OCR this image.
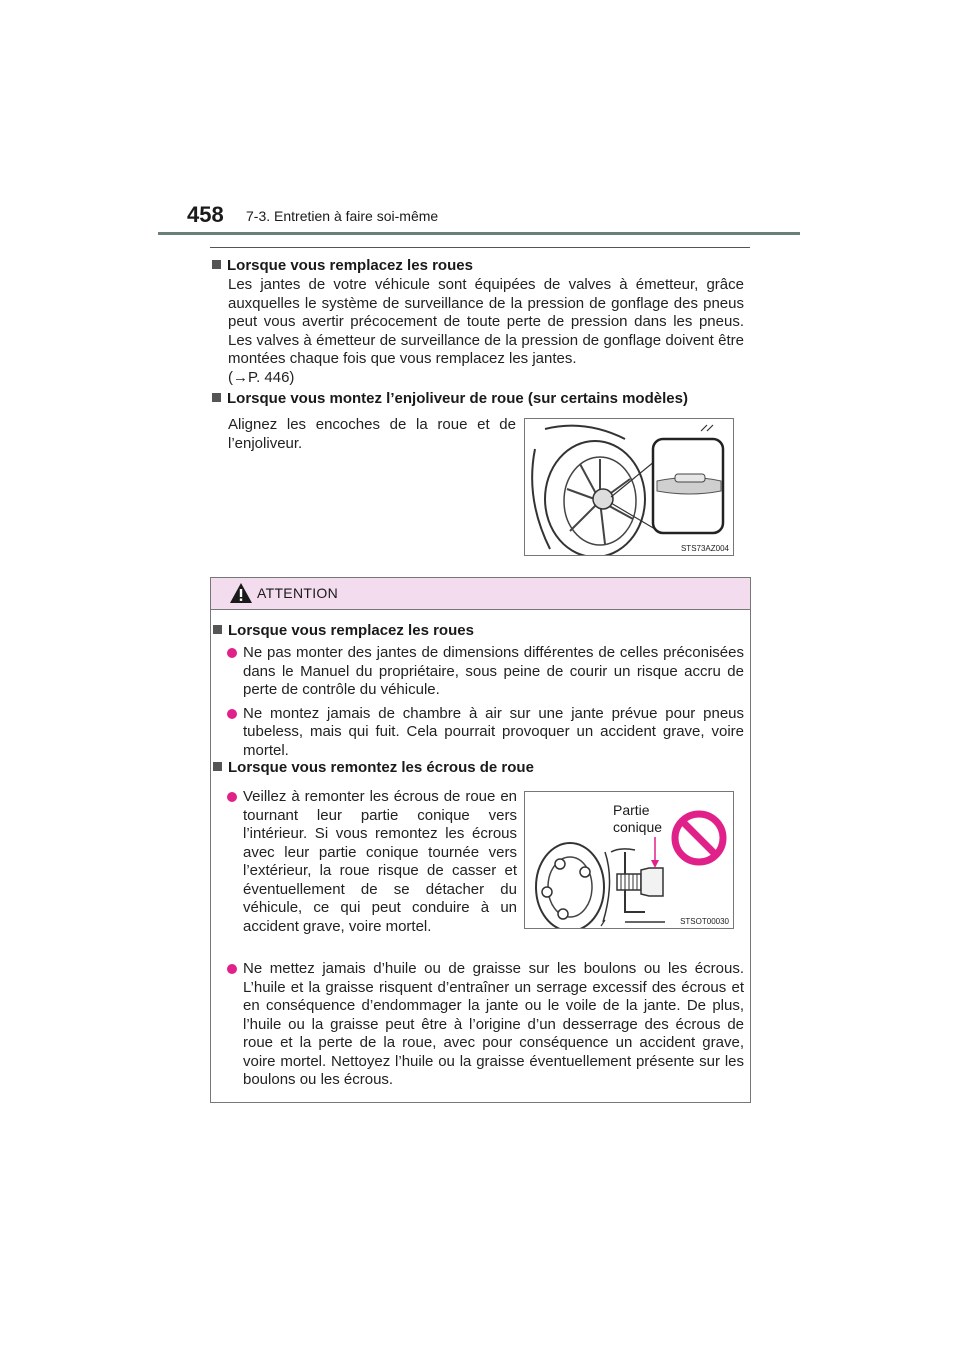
458 7-3. Entretien à faire soi-même
Lorsque vous remplacez les roues
Les jantes de votre véhicule sont équipées de valves à émetteur, grâce auxquelles le système de surveillance de la pression de gonflage des pneus peut vous avertir précocement de toute perte de pression dans les pneus. Les valves à émetteur de surveillance de la pression de gonflage doivent être montées chaque fois que vous remplacez les jantes.
(→P. 446)
Lorsque vous montez l’enjoliveur de roue (sur certains modèles)
Alignez les encoches de la roue et de l’enjoliveur.
STS73AZ004
ATTENTION
Lorsque vous remplacez les roues
Ne pas monter des jantes de dimensions différentes de celles préconisées dans le Manuel du propriétaire, sous peine de courir un risque accru de perte de contrôle du véhicule.
Ne montez jamais de chambre à air sur une jante prévue pour pneus tubeless, mais qui fuit. Cela pourrait provoquer un accident grave, voire mortel.
Lorsque vous remontez les écrous de roue
Veillez à remonter les écrous de roue en tournant leur partie conique vers l’intérieur. Si vous remontez les écrous avec leur partie conique tournée vers l’extérieur, la roue risque de casser et éventuellement de se détacher du véhicule, ce qui peut conduire à un accident grave, voire mortel.
Partie conique
STSOT00030
Ne mettez jamais d’huile ou de graisse sur les boulons ou les écrous. L’huile et la graisse risquent d’entraîner un serrage excessif des écrous et en conséquence d’endommager la jante ou le voile de la jante. De plus, l’huile ou la graisse peut être à l’origine d’un desserrage des écrous de roue et la perte de la roue, avec pour conséquence un accident grave, voire mortel. Nettoyez l’huile ou la graisse éventuellement présente sur les boulons ou les écrous.
